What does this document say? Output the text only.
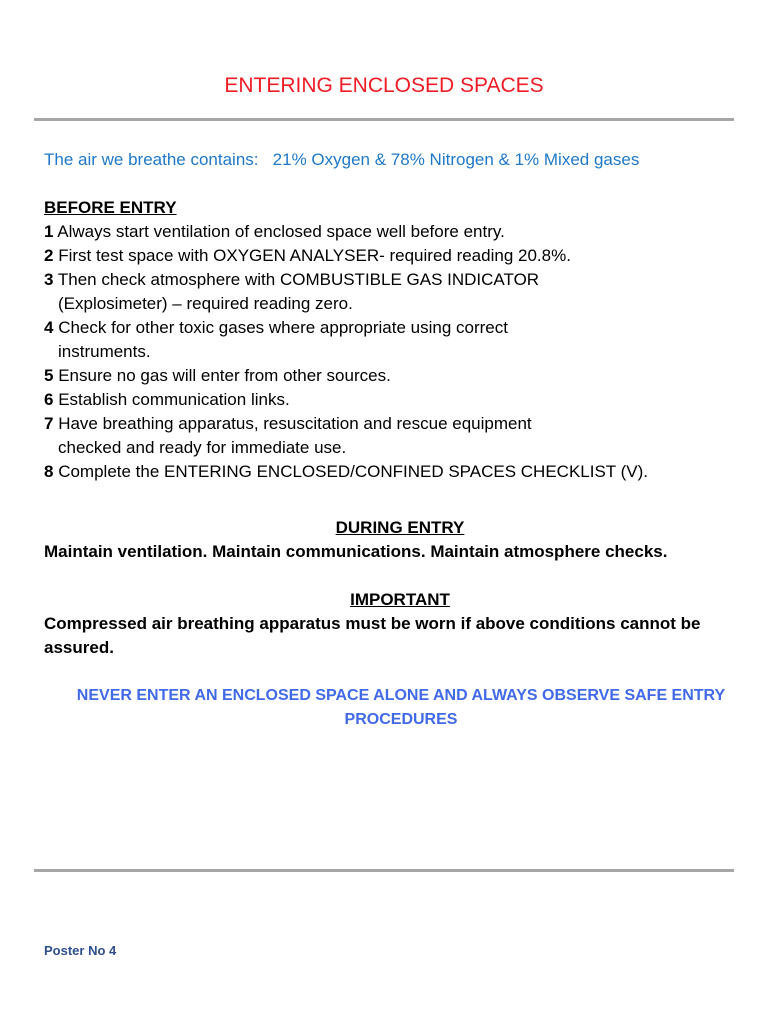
ENTERING ENCLOSED SPACES
The air we breathe contains:   21% Oxygen & 78% Nitrogen & 1% Mixed gases
BEFORE ENTRY
1 Always start ventilation of enclosed space well before entry.
2 First test space with OXYGEN ANALYSER- required reading 20.8%.
3 Then check atmosphere with COMBUSTIBLE GAS INDICATOR
(Explosimeter) – required reading zero.
4 Check for other toxic gases where appropriate using correct
instruments.
5 Ensure no gas will enter from other sources.
6 Establish communication links.
7 Have breathing apparatus, resuscitation and rescue equipment
checked and ready for immediate use.
8 Complete the ENTERING ENCLOSED/CONFINED SPACES CHECKLIST (V).
DURING ENTRY
Maintain ventilation. Maintain communications. Maintain atmosphere checks.
IMPORTANT
Compressed air breathing apparatus must be worn if above conditions cannot be assured.
NEVER ENTER AN ENCLOSED SPACE ALONE AND ALWAYS OBSERVE SAFE ENTRY PROCEDURES
Poster No 4
